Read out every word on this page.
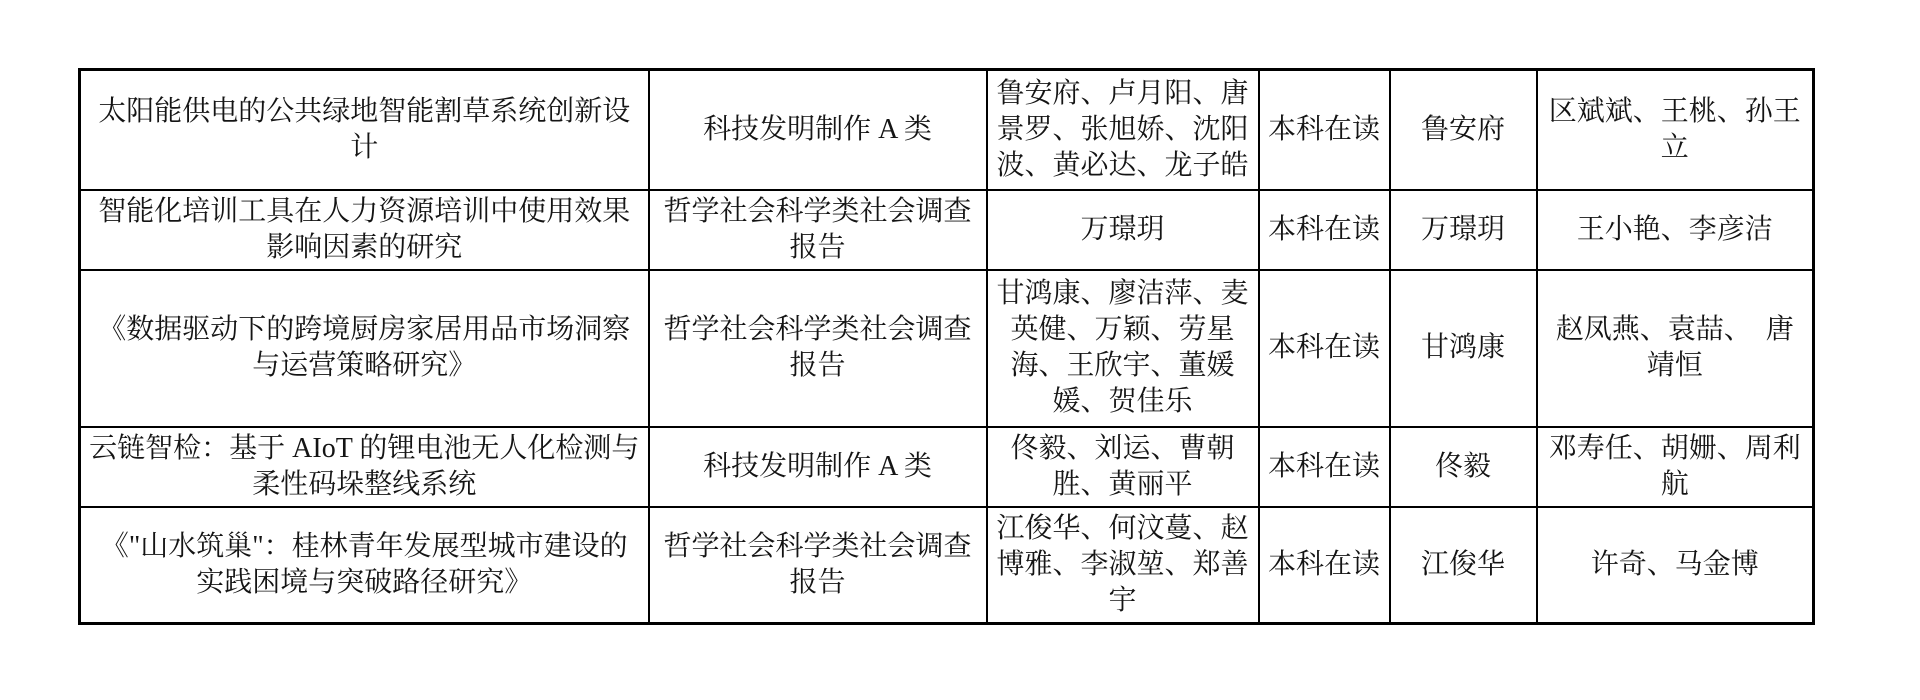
太阳能供电的公共绿地智能割草系统创新设计	科技发明制作 A 类	鲁安府、卢月阳、唐景罗、张旭娇、沈阳波、黄必达、龙子皓	本科在读	鲁安府	区斌斌、王桃、孙王立
智能化培训工具在人力资源培训中使用效果影响因素的研究	哲学社会科学类社会调查报告	万璟玥	本科在读	万璟玥	王小艳、李彦洁
《数据驱动下的跨境厨房家居用品市场洞察与运营策略研究》	哲学社会科学类社会调查报告	甘鸿康、廖洁萍、麦英健、万颖、劳星海、王欣宇、董媛媛、贺佳乐	本科在读	甘鸿康	赵凤燕、袁喆、　唐靖恒
云链智检：基于 AIoT 的锂电池无人化检测与柔性码垛整线系统	科技发明制作 A 类	佟毅、刘运、曹朝胜、黄丽平	本科在读	佟毅	邓寿任、胡姗、周利航
《"山水筑巢"：桂林青年发展型城市建设的实践困境与突破路径研究》	哲学社会科学类社会调查报告	江俊华、何汶蔓、赵博雅、李淑堃、郑善宇	本科在读	江俊华	许奇、马金博
